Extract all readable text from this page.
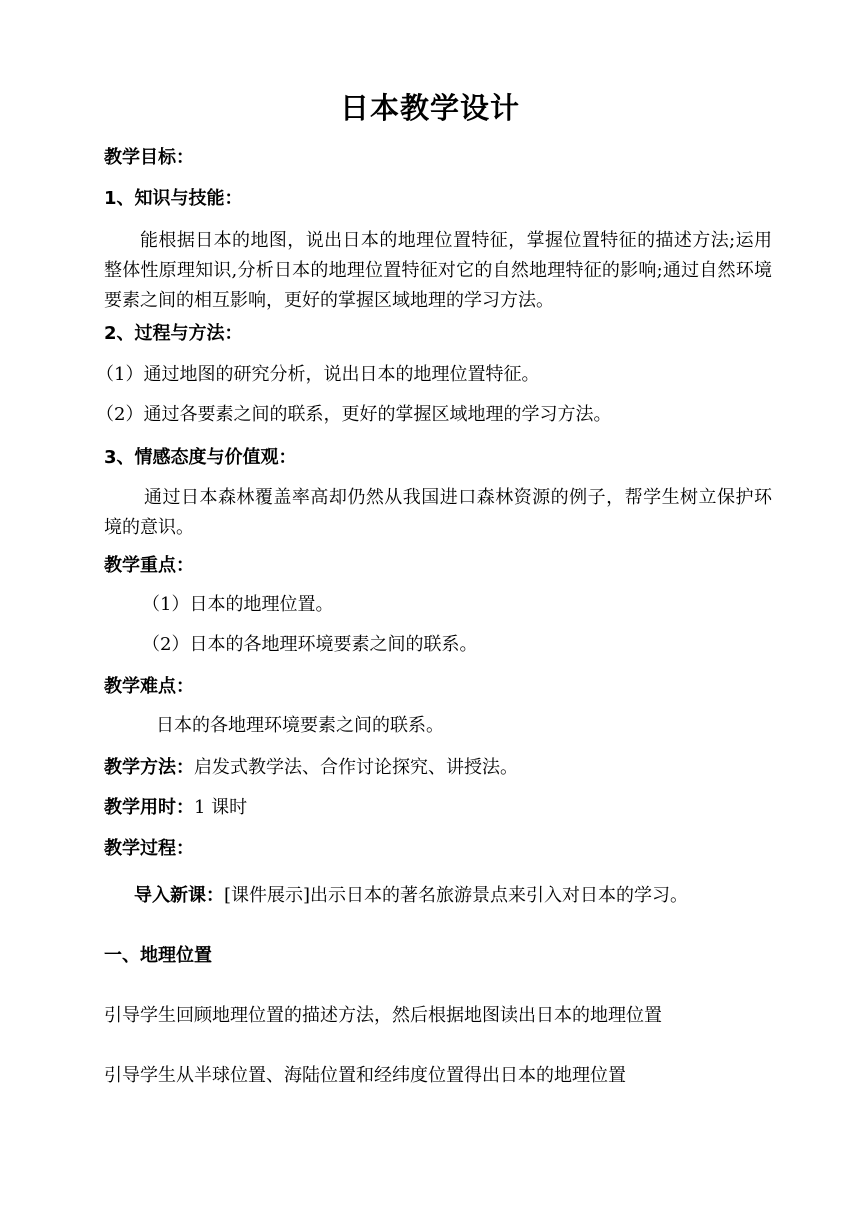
日本教学设计
教学目标：
1、知识与技能：
能根据日本的地图，说出日本的地理位置特征，掌握位置特征的描述方法;运用整体性原理知识,分析日本的地理位置特征对它的自然地理特征的影响;通过自然环境要素之间的相互影响，更好的掌握区域地理的学习方法。
2、过程与方法：
（1）通过地图的研究分析，说出日本的地理位置特征。
（2）通过各要素之间的联系，更好的掌握区域地理的学习方法。
3、情感态度与价值观：
通过日本森林覆盖率高却仍然从我国进口森林资源的例子，帮学生树立保护环境的意识。
教学重点：
（1）日本的地理位置。
（2）日本的各地理环境要素之间的联系。
教学难点：
日本的各地理环境要素之间的联系。
教学方法：启发式教学法、合作讨论探究、讲授法。
教学用时：1 课时
教学过程：
导入新课：[课件展示]出示日本的著名旅游景点来引入对日本的学习。
一、地理位置
引导学生回顾地理位置的描述方法，然后根据地图读出日本的地理位置
引导学生从半球位置、海陆位置和经纬度位置得出日本的地理位置
